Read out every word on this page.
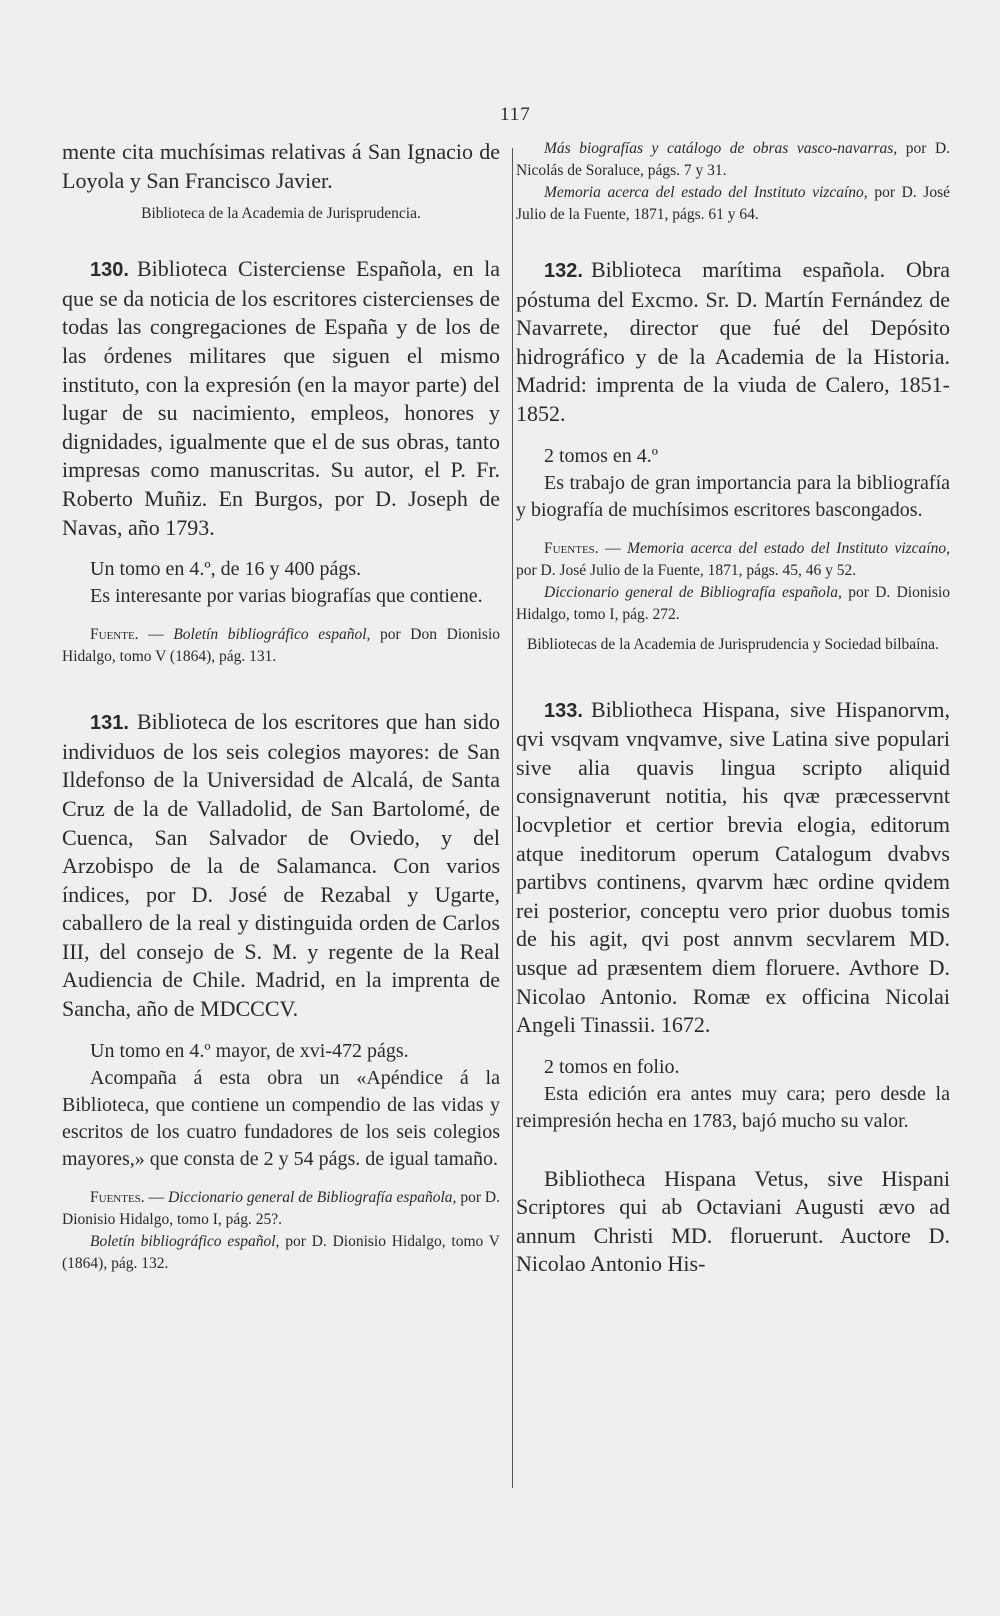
117

mente cita muchísimas relativas á San Ignacio de Loyola y San Francisco Javier.

Biblioteca de la Academia de Jurisprudencia.

130. Biblioteca Cisterciense Española, en la que se da noticia de los escritores cistercienses de todas las congregaciones de España y de los de las órdenes militares que siguen el mismo instituto, con la expresión (en la mayor parte) del lugar de su nacimiento, empleos, honores y dignidades, igualmente que el de sus obras, tanto impresas como manuscritas. Su autor, el P. Fr. Roberto Muñiz. En Burgos, por D. Joseph de Navas, año 1793.

Un tomo en 4.º, de 16 y 400 págs.

Es interesante por varias biografías que contiene.

Fuente. — Boletín bibliográfico español, por Don Dionisio Hidalgo, tomo V (1864), pág. 131.

131. Biblioteca de los escritores que han sido individuos de los seis colegios mayores: de San Ildefonso de la Universidad de Alcalá, de Santa Cruz de la de Valladolid, de San Bartolomé, de Cuenca, San Salvador de Oviedo, y del Arzobispo de la de Salamanca. Con varios índices, por D. José de Rezabal y Ugarte, caballero de la real y distinguida orden de Carlos III, del consejo de S. M. y regente de la Real Audiencia de Chile. Madrid, en la imprenta de Sancha, año de MDCCCV.

Un tomo en 4.º mayor, de xvi-472 págs.

Acompaña á esta obra un «Apéndice á la Biblioteca, que contiene un compendio de las vidas y escritos de los cuatro fundadores de los seis colegios mayores,» que consta de 2 y 54 págs. de igual tamaño.

Fuentes. — Diccionario general de Bibliografía española, por D. Dionisio Hidalgo, tomo I, pág. 25?.

Boletín bibliográfico español, por D. Dionisio Hidalgo, tomo V (1864), pág. 132.

Más biografías y catálogo de obras vasco-navarras, por D. Nicolás de Soraluce, págs. 7 y 31.

Memoria acerca del estado del Instituto vizcaíno, por D. José Julio de la Fuente, 1871, págs. 61 y 64.

132. Biblioteca marítima española. Obra póstuma del Excmo. Sr. D. Martín Fernández de Navarrete, director que fué del Depósito hidrográfico y de la Academia de la Historia. Madrid: imprenta de la viuda de Calero, 1851-1852.

2 tomos en 4.º

Es trabajo de gran importancia para la bibliografía y biografía de muchísimos escritores bascongados.

Fuentes. — Memoria acerca del estado del Instituto vizcaíno, por D. José Julio de la Fuente, 1871, págs. 45, 46 y 52.

Diccionario general de Bibliografía española, por D. Dionisio Hidalgo, tomo I, pág. 272.

Bibliotecas de la Academia de Jurisprudencia y Sociedad bilbaína.

133. Bibliotheca Hispana, sive Hispanorvm, qvi vsqvam vnqvamve, sive Latina sive populari sive alia quavis lingua scripto aliquid consignaverunt notitia, his qvæ præcesservnt locvpletior et certior brevia elogia, editorum atque ineditorum operum Catalogum dvabvs partibvs continens, qvarvm hæc ordine qvidem rei posterior, conceptu vero prior duobus tomis de his agit, qvi post annvm secvlarem MD. usque ad præsentem diem floruere. Avthore D. Nicolao Antonio. Romæ ex officina Nicolai Angeli Tinassii. 1672.

2 tomos en folio.

Esta edición era antes muy cara; pero desde la reimpresión hecha en 1783, bajó mucho su valor.

Bibliotheca Hispana Vetus, sive Hispani Scriptores qui ab Octaviani Augusti ævo ad annum Christi MD. floruerunt. Auctore D. Nicolao Antonio His-
